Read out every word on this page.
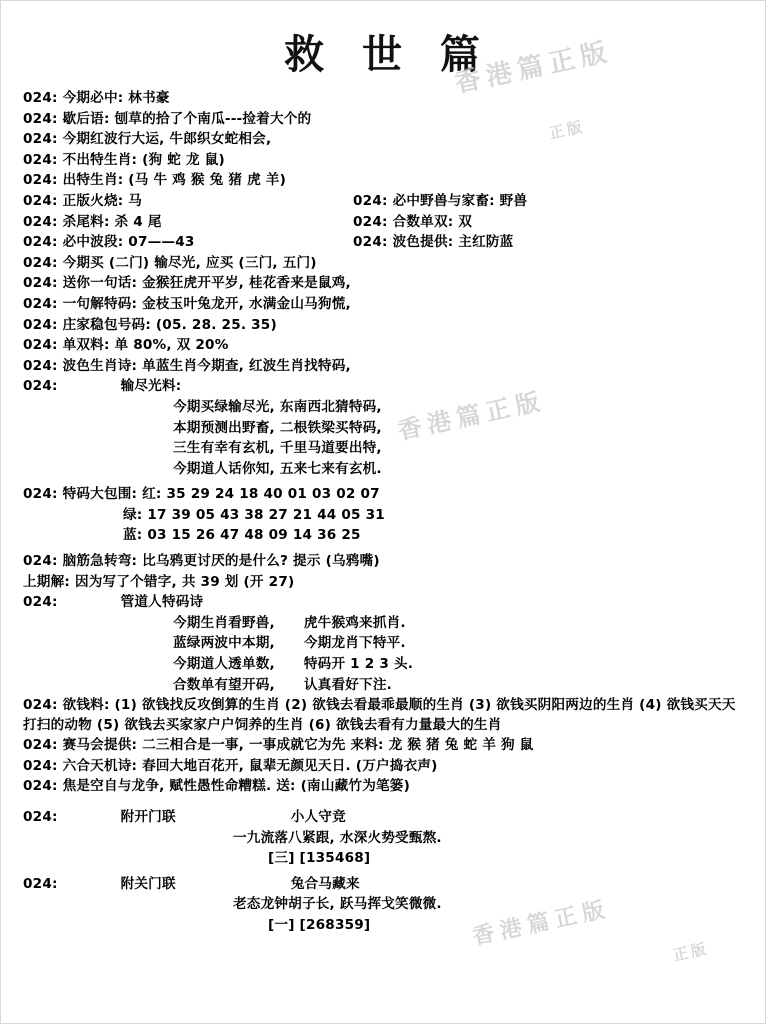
救 世 篇
香港篇正版
香港篇正版
香港篇正版
正版
正版
024: 今期必中: 林书豪
024: 歇后语: 刨草的拾了个南瓜---捡着大个的
024: 今期红波行大运, 牛郎织女蛇相会,
024: 不出特生肖: (狗 蛇 龙 鼠)
024: 出特生肖: (马 牛 鸡 猴 兔 猪 虎 羊)
024: 正版火烧: 马	024: 必中野兽与家畜: 野兽
024: 杀尾料: 杀 4 尾	024: 合数单双: 双
024: 必中波段: 07——43	024: 波色提供: 主红防蓝
024: 今期买 (二门) 输尽光, 应买 (三门, 五门)
024: 送你一句话: 金猴狂虎开平岁, 桂花香来是鼠鸡,
024: 一句解特码: 金枝玉叶兔龙开, 水满金山马狗慌,
024: 庄家稳包号码: (05. 28. 25. 35)
024: 单双料: 单 80%, 双 20%
024: 波色生肖诗: 单蓝生肖今期查, 红波生肖找特码,
024:	输尽光料:
今期买绿输尽光, 东南西北猜特码,
本期预测出野畜, 二根铁梁买特码,
三生有幸有玄机, 千里马道要出特,
今期道人话你知, 五来七来有玄机.
024: 特码大包围: 红: 35 29 24 18 40 01 03 02 07
绿: 17 39 05 43 38 27 21 44 05 31
蓝: 03 15 26 47 48 09 14 36 25
024: 脑筋急转弯: 比乌鸦更讨厌的是什么? 提示 (乌鸦嘴)
上期解: 因为写了个错字, 共 39 划 (开 27)
024:	管道人特码诗
今期生肖看野兽, 虎牛猴鸡来抓肖.
蓝绿两波中本期, 今期龙肖下特平.
今期道人透单数, 特码开 1 2 3 头.
合数单有望开码, 认真看好下注.
024: 欲钱料: (1) 欲钱找反攻倒算的生肖 (2) 欲钱去看最乖最顺的生肖 (3) 欲钱买阴阳两边的生肖 (4) 欲钱买天天打扫的动物 (5) 欲钱去买家家户户饲养的生肖 (6) 欲钱去看有力量最大的生肖
024: 赛马会提供: 二三相合是一事, 一事成就它为先 来料: 龙 猴 猪 兔 蛇 羊 狗 鼠
024: 六合天机诗: 春回大地百花开, 鼠辈无颜见天日. (万户捣衣声)
024: 焦是空自与龙争, 赋性愚性命糟糕. 送: (南山藏竹为笔篓)
024:	附开门联	小人守竞
一九流落八紧跟, 水深火势受甄熬.
[三] [135468]
024:	附关门联	兔合马藏来
老态龙钟胡子长, 跃马挥戈笑微微.
[一] [268359]
